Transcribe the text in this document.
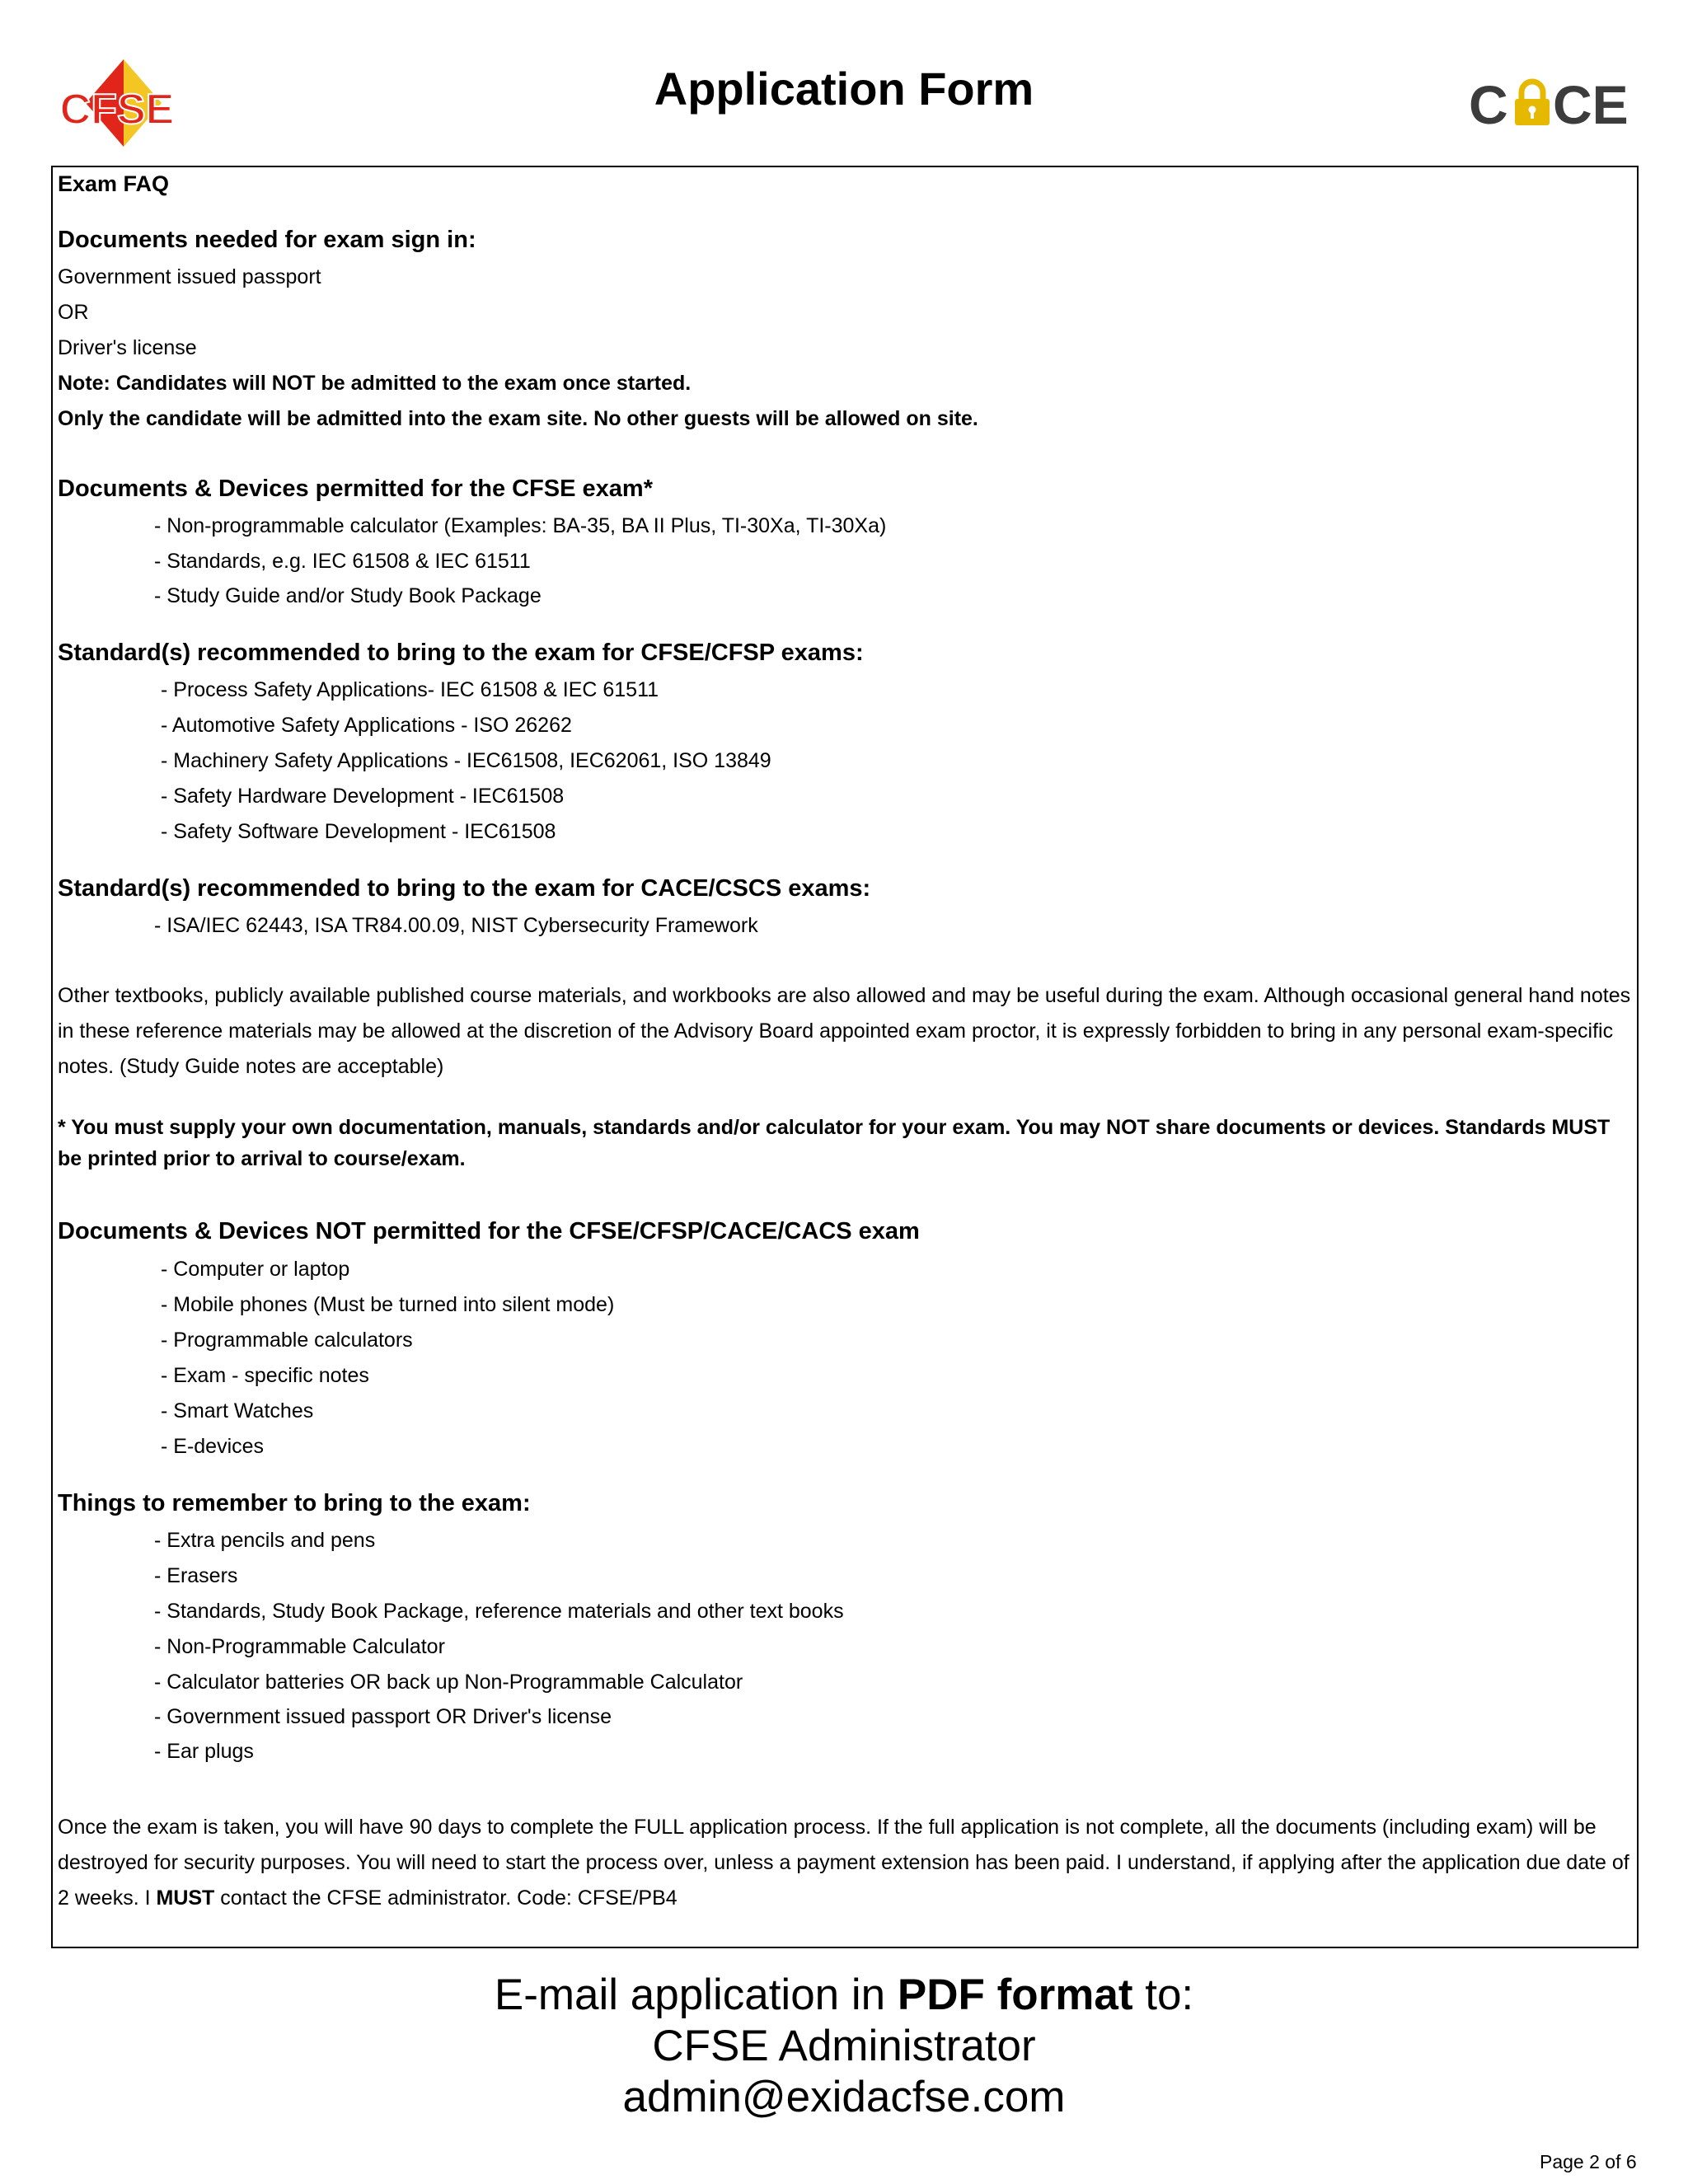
CFSE	Application Form	C CE
Exam FAQ
Documents needed for exam sign in:
Government issued passport
OR
Driver's license
Note: Candidates will NOT be admitted to the exam once started.
Only the candidate will be admitted into the exam site. No other guests will be allowed on site.
Documents & Devices permitted for the CFSE exam*
- Non-programmable calculator (Examples: BA-35, BA II Plus, TI-30Xa, TI-30Xa)
- Standards, e.g. IEC 61508 & IEC 61511
- Study Guide and/or Study Book Package
Standard(s) recommended to bring to the exam for CFSE/CFSP exams:
- Process Safety Applications- IEC 61508 & IEC 61511
- Automotive Safety Applications - ISO 26262
- Machinery Safety Applications - IEC61508, IEC62061, ISO 13849
- Safety Hardware Development - IEC61508
- Safety Software Development - IEC61508
Standard(s) recommended to bring to the exam for CACE/CSCS exams:
- ISA/IEC 62443, ISA TR84.00.09, NIST Cybersecurity Framework
Other textbooks, publicly available published course materials, and workbooks are also allowed and may be useful during the exam. Although occasional general hand notes in these reference materials may be allowed at the discretion of the Advisory Board appointed exam proctor, it is expressly forbidden to bring in any personal exam-specific notes. (Study Guide notes are acceptable)
* You must supply your own documentation, manuals, standards and/or calculator for your exam. You may NOT share documents or devices. Standards MUST be printed prior to arrival to course/exam.
Documents & Devices NOT permitted for the CFSE/CFSP/CACE/CACS exam
- Computer or laptop
- Mobile phones (Must be turned into silent mode)
- Programmable calculators
- Exam - specific notes
- Smart Watches
- E-devices
Things to remember to bring to the exam:
- Extra pencils and pens
- Erasers
- Standards, Study Book Package, reference materials and other text books
- Non-Programmable Calculator
- Calculator batteries OR back up Non-Programmable Calculator
- Government issued passport OR Driver's license
- Ear plugs
Once the exam is taken, you will have 90 days to complete the FULL application process. If the full application is not complete, all the documents (including exam) will be destroyed for security purposes. You will need to start the process over, unless a payment extension has been paid. I understand, if applying after the application due date of 2 weeks. I MUST contact the CFSE administrator. Code: CFSE/PB4
E-mail application in PDF format to:
CFSE Administrator
admin@exidacfse.com
Page 2 of 6
